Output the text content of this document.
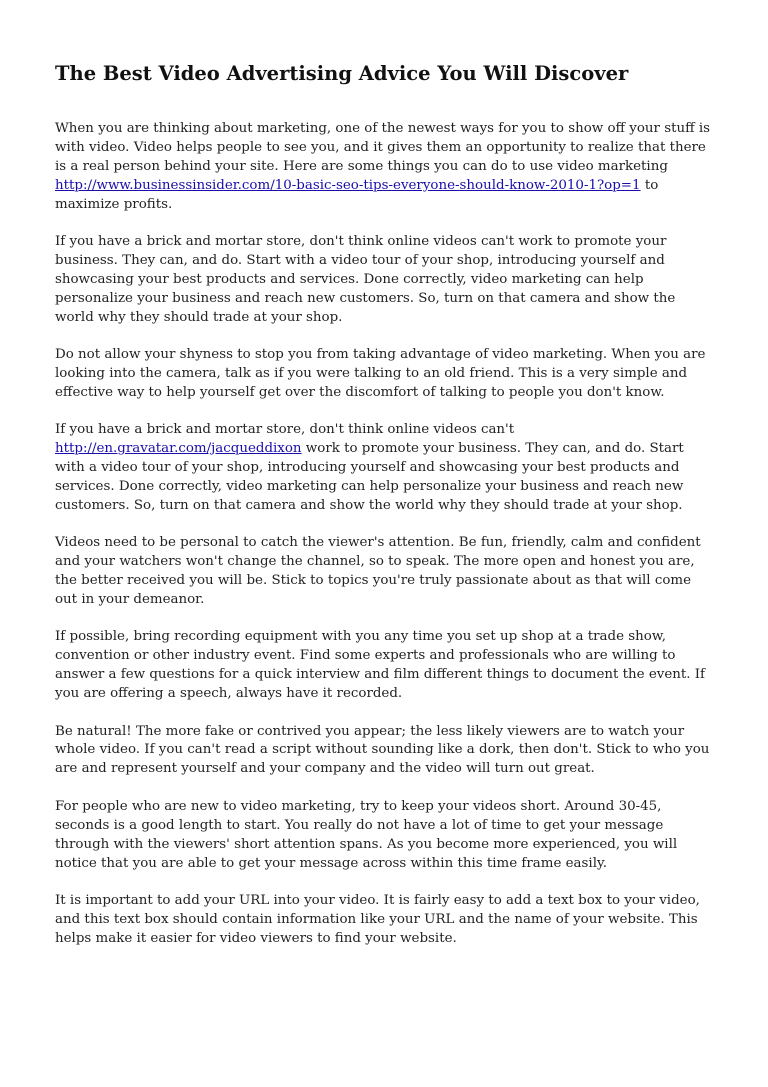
The Best Video Advertising Advice You Will Discover

When you are thinking about marketing, one of the newest ways for you to show off your stuff is with video. Video helps people to see you, and it gives them an opportunity to realize that there is a real person behind your site. Here are some things you can do to use video marketing http://www.businessinsider.com/10-basic-seo-tips-everyone-should-know-2010-1?op=1 to maximize profits.

If you have a brick and mortar store, don't think online videos can't work to promote your business. They can, and do. Start with a video tour of your shop, introducing yourself and showcasing your best products and services. Done correctly, video marketing can help personalize your business and reach new customers. So, turn on that camera and show the world why they should trade at your shop.

Do not allow your shyness to stop you from taking advantage of video marketing. When you are looking into the camera, talk as if you were talking to an old friend. This is a very simple and effective way to help yourself get over the discomfort of talking to people you don't know.

If you have a brick and mortar store, don't think online videos can't http://en.gravatar.com/jacqueddixon work to promote your business. They can, and do. Start with a video tour of your shop, introducing yourself and showcasing your best products and services. Done correctly, video marketing can help personalize your business and reach new customers. So, turn on that camera and show the world why they should trade at your shop.

Videos need to be personal to catch the viewer's attention. Be fun, friendly, calm and confident and your watchers won't change the channel, so to speak. The more open and honest you are, the better received you will be. Stick to topics you're truly passionate about as that will come out in your demeanor.

If possible, bring recording equipment with you any time you set up shop at a trade show, convention or other industry event. Find some experts and professionals who are willing to answer a few questions for a quick interview and film different things to document the event. If you are offering a speech, always have it recorded.

Be natural! The more fake or contrived you appear; the less likely viewers are to watch your whole video. If you can't read a script without sounding like a dork, then don't. Stick to who you are and represent yourself and your company and the video will turn out great.

For people who are new to video marketing, try to keep your videos short. Around 30-45, seconds is a good length to start. You really do not have a lot of time to get your message through with the viewers' short attention spans. As you become more experienced, you will notice that you are able to get your message across within this time frame easily.

It is important to add your URL into your video. It is fairly easy to add a text box to your video, and this text box should contain information like your URL and the name of your website. This helps make it easier for video viewers to find your website.
